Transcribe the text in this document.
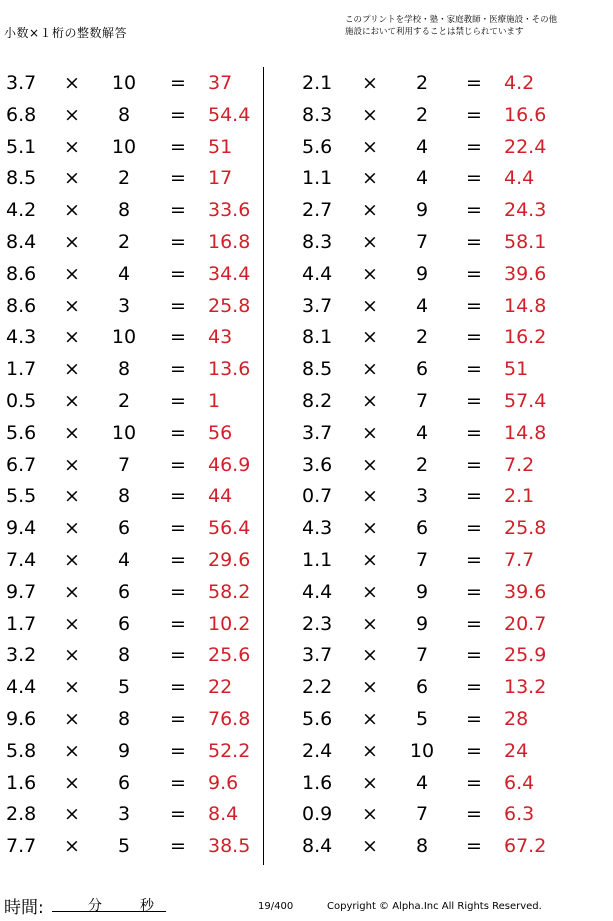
小数×１桁の整数解答
このプリントを学校・塾・家庭教師・医療施設・その他
施設において利用することは禁じられています
3.7 ×	10	= 37
6.8 ×	8	= 54.4
5.1 ×	10	= 51
8.5 ×	2	= 17
4.2 ×	8	= 33.6
8.4 ×	2	= 16.8
8.6 ×	4	= 34.4
8.6 ×	3	= 25.8
4.3 ×	10	= 43
1.7 ×	8	= 13.6
0.5 ×	2	= 1
5.6 ×	10	= 56
6.7 ×	7	= 46.9
5.5 ×	8	= 44
9.4 ×	6	= 56.4
7.4 ×	4	= 29.6
9.7 ×	6	= 58.2
1.7 ×	6	= 10.2
3.2 ×	8	= 25.6
4.4 ×	5	= 22
9.6 ×	8	= 76.8
5.8 ×	9	= 52.2
1.6 ×	6	= 9.6
2.8 ×	3	= 8.4
7.7 ×	5	= 38.5
2.1 ×	2	= 4.2
8.3 ×	2	= 16.6
5.6 ×	4	= 22.4
1.1 ×	4	= 4.4
2.7 ×	9	= 24.3
8.3 ×	7	= 58.1
4.4 ×	9	= 39.6
3.7 ×	4	= 14.8
8.1 ×	2	= 16.2
8.5 ×	6	= 51
8.2 ×	7	= 57.4
3.7 ×	4	= 14.8
3.6 ×	2	= 7.2
0.7 ×	3	= 2.1
4.3 ×	6	= 25.8
1.1 ×	7	= 7.7
4.4 ×	9	= 39.6
2.3 ×	9	= 20.7
3.7 ×	7	= 25.9
2.2 ×	6	= 13.2
5.6 ×	5	= 28
2.4 ×	10	= 24
1.6 ×	4	= 6.4
0.9 ×	7	= 6.3
8.4 ×	8	= 67.2
時間:	分	秒	19/400	Copyright © Alpha.Inc All Rights Reserved.
